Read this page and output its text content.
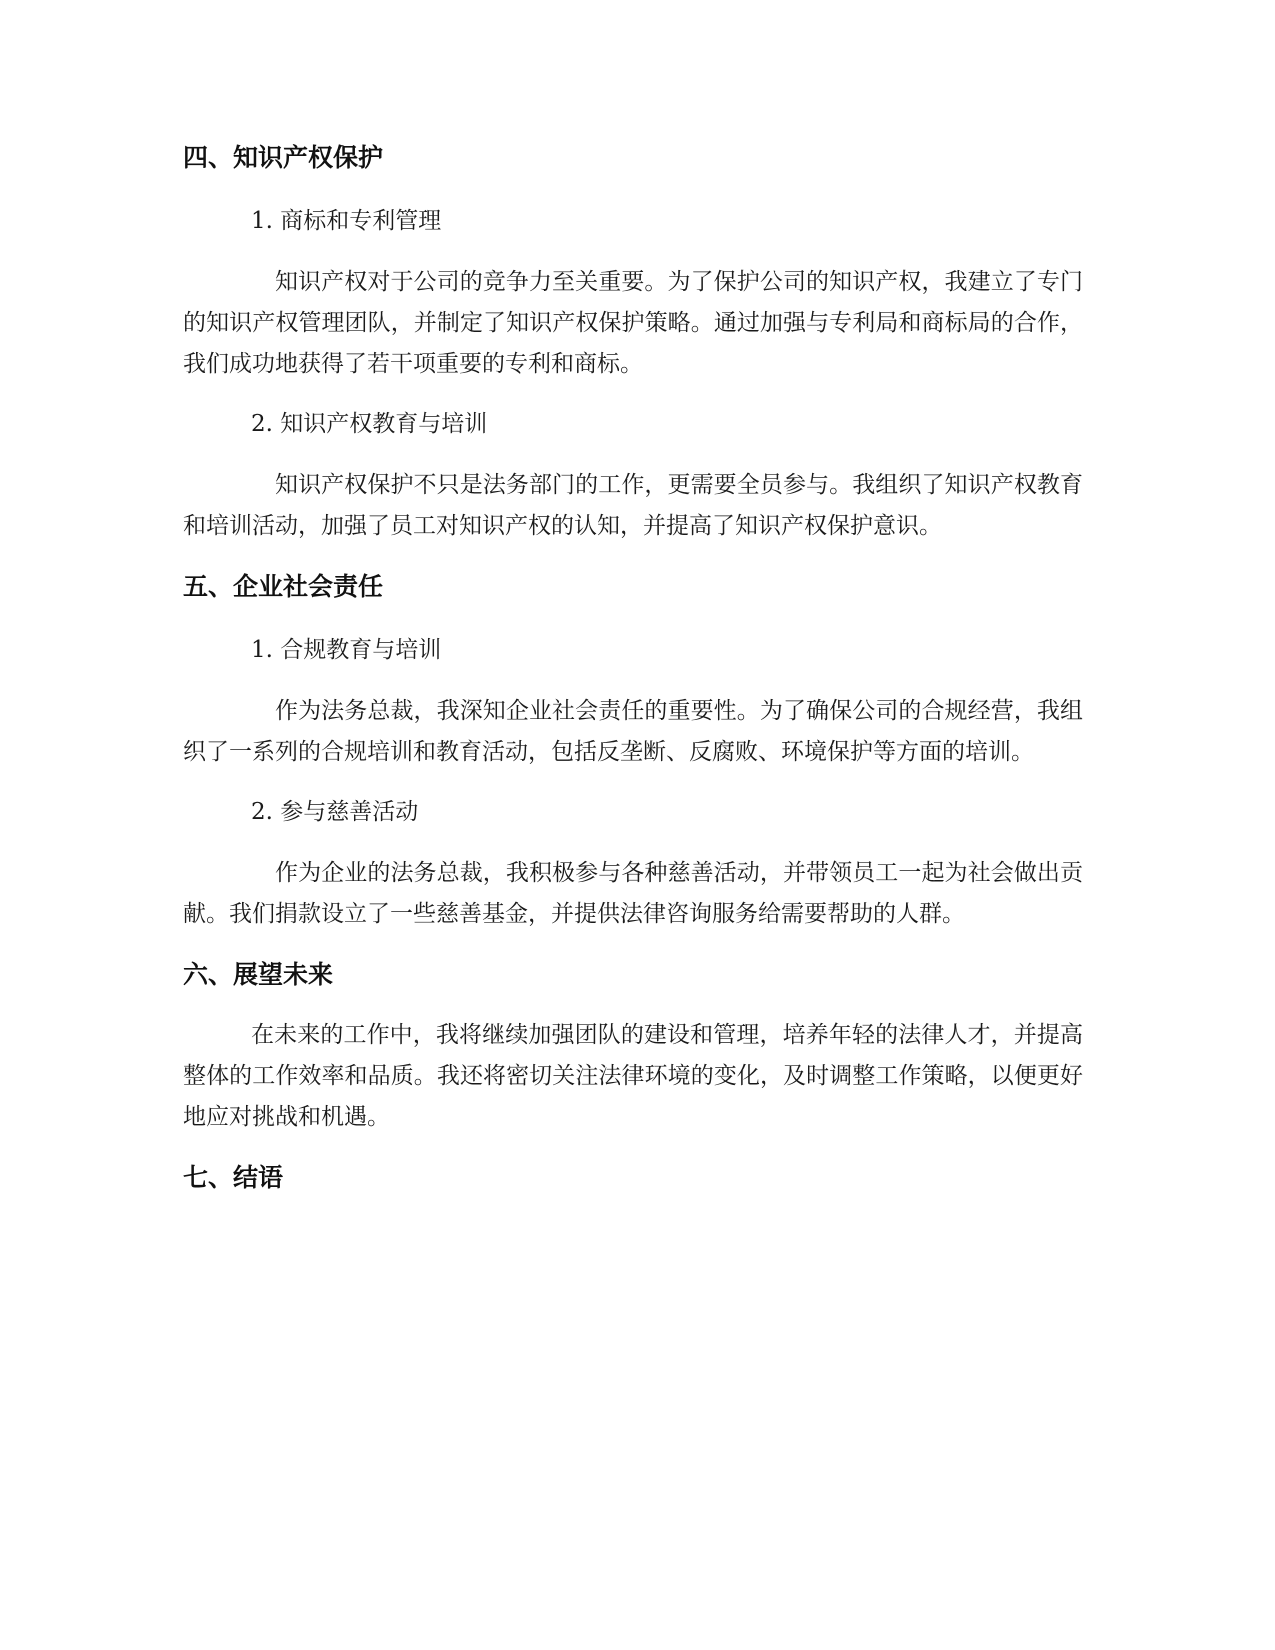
四、知识产权保护

1. 商标和专利管理

知识产权对于公司的竞争力至关重要。为了保护公司的知识产权，我建立了专门的知识产权管理团队，并制定了知识产权保护策略。通过加强与专利局和商标局的合作，我们成功地获得了若干项重要的专利和商标。

2. 知识产权教育与培训

知识产权保护不只是法务部门的工作，更需要全员参与。我组织了知识产权教育和培训活动，加强了员工对知识产权的认知，并提高了知识产权保护意识。

五、企业社会责任

1. 合规教育与培训

作为法务总裁，我深知企业社会责任的重要性。为了确保公司的合规经营，我组织了一系列的合规培训和教育活动，包括反垄断、反腐败、环境保护等方面的培训。

2. 参与慈善活动

作为企业的法务总裁，我积极参与各种慈善活动，并带领员工一起为社会做出贡献。我们捐款设立了一些慈善基金，并提供法律咨询服务给需要帮助的人群。

六、展望未来

在未来的工作中，我将继续加强团队的建设和管理，培养年轻的法律人才，并提高整体的工作效率和品质。我还将密切关注法律环境的变化，及时调整工作策略，以便更好地应对挑战和机遇。

七、结语
